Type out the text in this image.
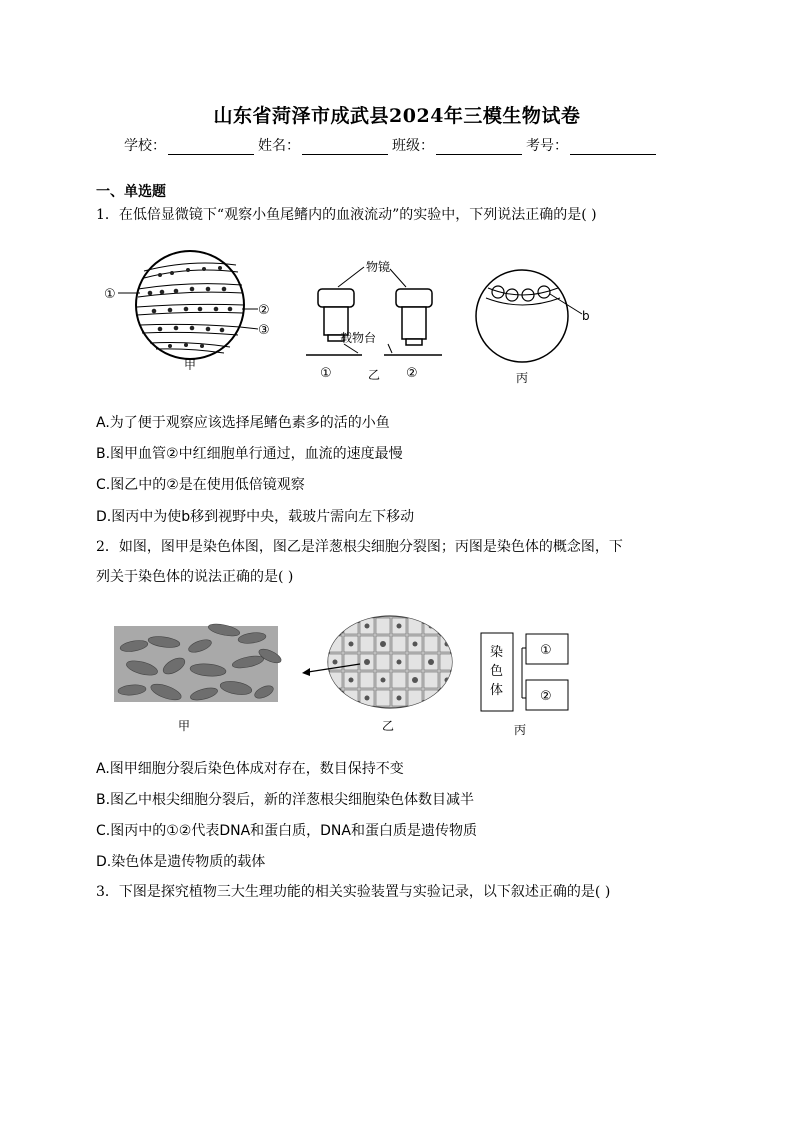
山东省菏泽市成武县2024年三模生物试卷
学校：	姓名：	班级：	考号：
一、单选题
1．在低倍显微镜下“观察小鱼尾鳍内的血液流动”的实验中，下列说法正确的是( )
①
②
③
甲
物镜
载物台
①	乙 ②
b
丙
A.为了便于观察应该选择尾鳍色素多的活的小鱼
B.图甲血管②中红细胞单行通过，血流的速度最慢
C.图乙中的②是在使用低倍镜观察
D.图丙中为使b移到视野中央，载玻片需向左下移动
2．如图，图甲是染色体图，图乙是洋葱根尖细胞分裂图；丙图是染色体的概念图，下
列关于染色体的说法正确的是( )
甲	乙
染
色
体
①
②
丙
A.图甲细胞分裂后染色体成对存在，数目保持不变
B.图乙中根尖细胞分裂后，新的洋葱根尖细胞染色体数目减半
C.图丙中的①②代表DNA和蛋白质，DNA和蛋白质是遗传物质
D.染色体是遗传物质的载体
3．下图是探究植物三大生理功能的相关实验装置与实验记录，以下叙述正确的是( )
